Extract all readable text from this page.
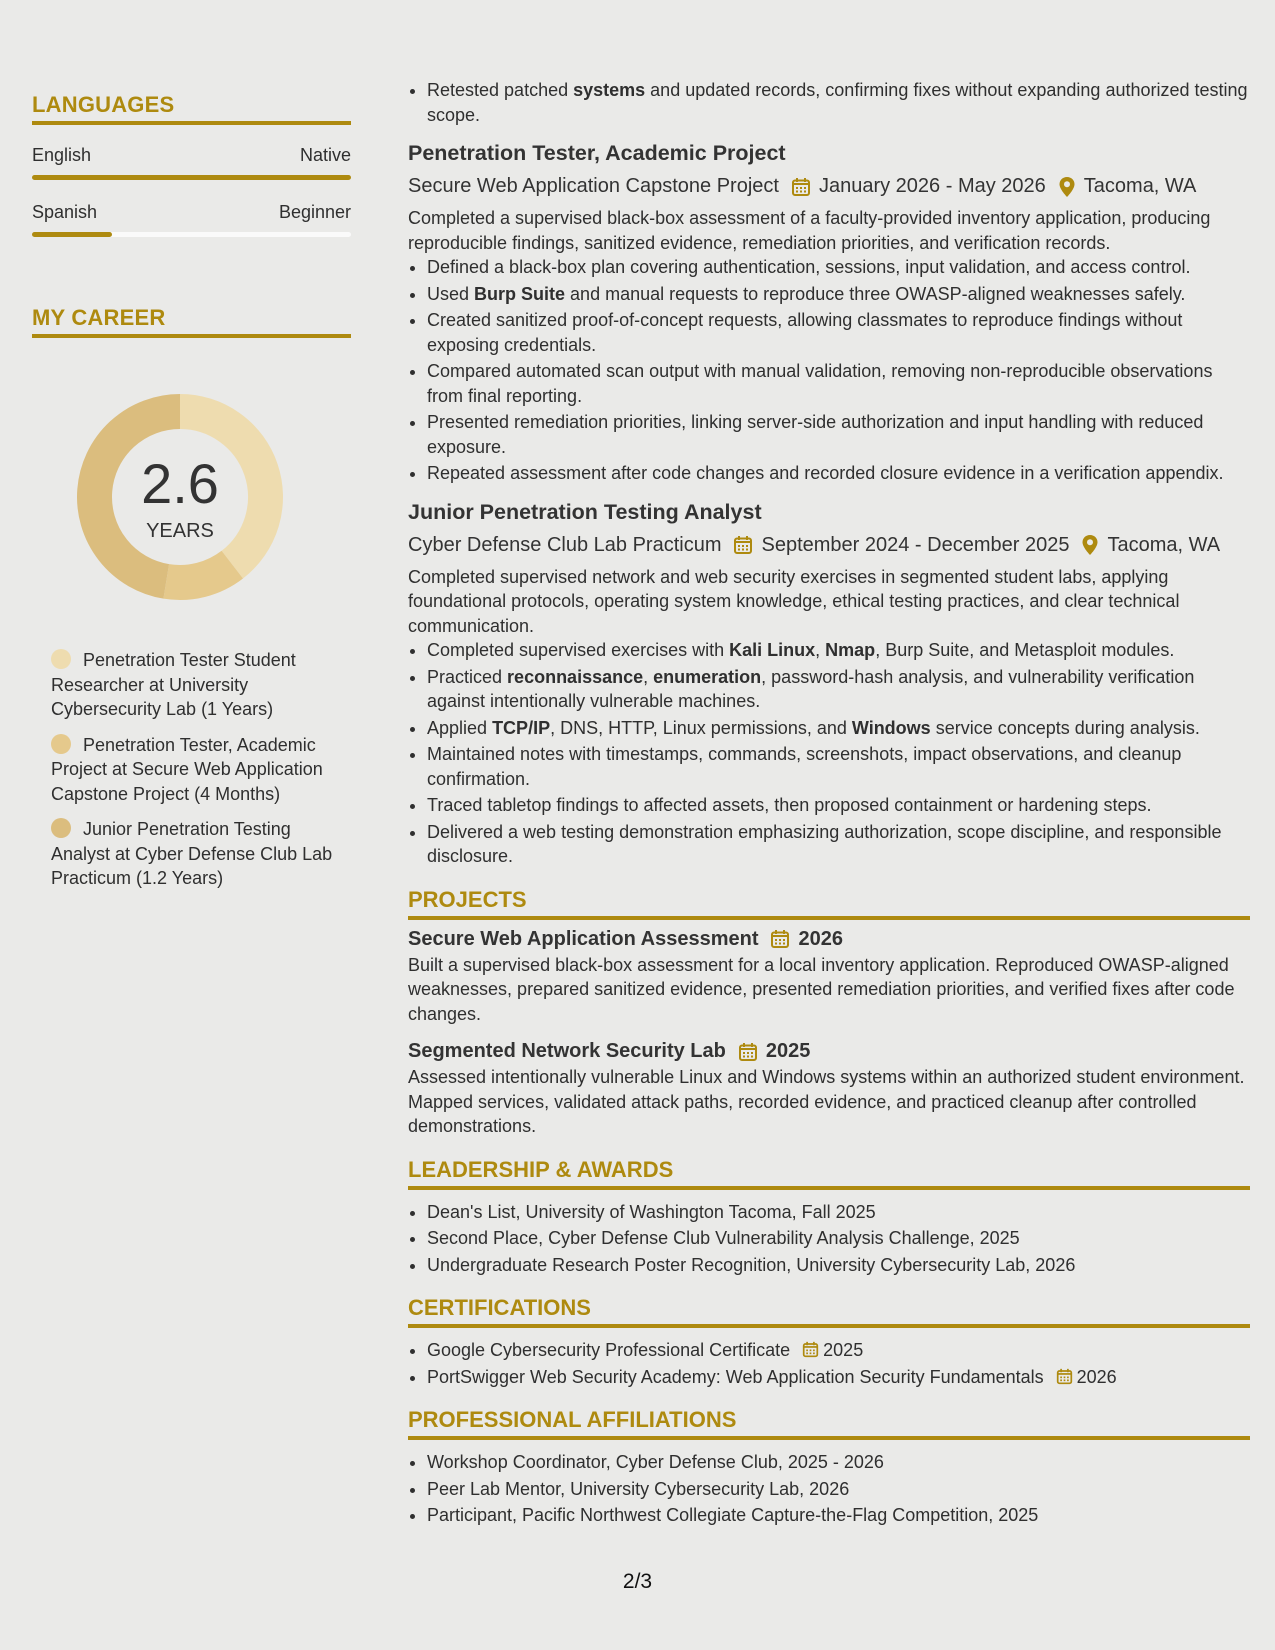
LANGUAGES
English	Native
Spanish	Beginner
MY CAREER
2.6
YEARS
Penetration Tester Student Researcher at University Cybersecurity Lab (1 Years)
Penetration Tester, Academic Project at Secure Web Application Capstone Project (4 Months)
Junior Penetration Testing Analyst at Cyber Defense Club Lab Practicum (1.2 Years)
• Retested patched systems and updated records, confirming fixes without expanding authorized testing scope.
Penetration Tester, Academic Project
Secure Web Application Capstone Project January 2026 - May 2026 Tacoma, WA
Completed a supervised black-box assessment of a faculty-provided inventory application, producing reproducible findings, sanitized evidence, remediation priorities, and verification records.
• Defined a black-box plan covering authentication, sessions, input validation, and access control.
• Used Burp Suite and manual requests to reproduce three OWASP-aligned weaknesses safely.
• Created sanitized proof-of-concept requests, allowing classmates to reproduce findings without exposing credentials.
• Compared automated scan output with manual validation, removing non-reproducible observations from final reporting.
• Presented remediation priorities, linking server-side authorization and input handling with reduced exposure.
• Repeated assessment after code changes and recorded closure evidence in a verification appendix.
Junior Penetration Testing Analyst
Cyber Defense Club Lab Practicum September 2024 - December 2025 Tacoma, WA
Completed supervised network and web security exercises in segmented student labs, applying foundational protocols, operating system knowledge, ethical testing practices, and clear technical communication.
• Completed supervised exercises with Kali Linux, Nmap, Burp Suite, and Metasploit modules.
• Practiced reconnaissance, enumeration, password-hash analysis, and vulnerability verification against intentionally vulnerable machines.
• Applied TCP/IP, DNS, HTTP, Linux permissions, and Windows service concepts during analysis.
• Maintained notes with timestamps, commands, screenshots, impact observations, and cleanup confirmation.
• Traced tabletop findings to affected assets, then proposed containment or hardening steps.
• Delivered a web testing demonstration emphasizing authorization, scope discipline, and responsible disclosure.
PROJECTS
Secure Web Application Assessment 2026
Built a supervised black-box assessment for a local inventory application. Reproduced OWASP-aligned weaknesses, prepared sanitized evidence, presented remediation priorities, and verified fixes after code changes.
Segmented Network Security Lab 2025
Assessed intentionally vulnerable Linux and Windows systems within an authorized student environment. Mapped services, validated attack paths, recorded evidence, and practiced cleanup after controlled demonstrations.
LEADERSHIP & AWARDS
• Dean's List, University of Washington Tacoma, Fall 2025
• Second Place, Cyber Defense Club Vulnerability Analysis Challenge, 2025
• Undergraduate Research Poster Recognition, University Cybersecurity Lab, 2026
CERTIFICATIONS
• Google Cybersecurity Professional Certificate 2025
• PortSwigger Web Security Academy: Web Application Security Fundamentals 2026
PROFESSIONAL AFFILIATIONS
• Workshop Coordinator, Cyber Defense Club, 2025 - 2026
• Peer Lab Mentor, University Cybersecurity Lab, 2026
• Participant, Pacific Northwest Collegiate Capture-the-Flag Competition, 2025
2/3
